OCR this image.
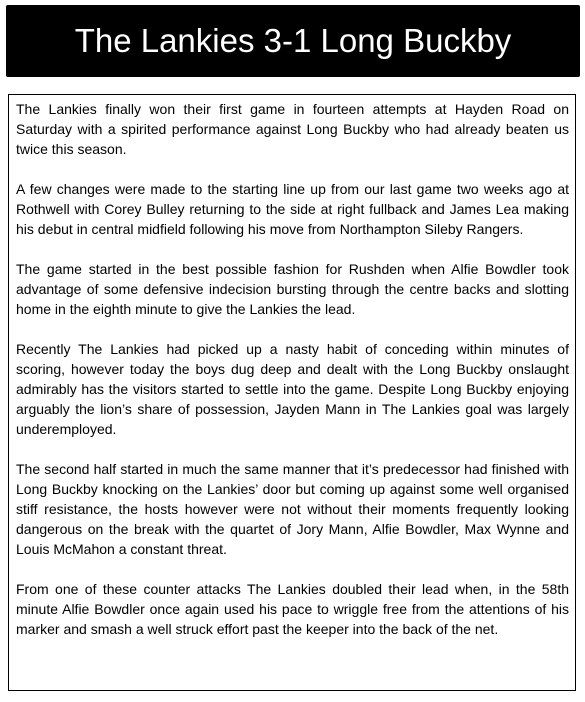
The Lankies 3-1 Long Buckby

The Lankies finally won their first game in fourteen attempts at Hayden Road on Saturday with a spirited performance against Long Buckby who had already beaten us twice this season.

A few changes were made to the starting line up from our last game two weeks ago at Rothwell with Corey Bulley returning to the side at right fullback and James Lea making his debut in central midfield following his move from Northampton Sileby Rangers.

The game started in the best possible fashion for Rushden when Alfie Bowdler took advantage of some defensive indecision bursting through the centre backs and slotting home in the eighth minute to give the Lankies the lead.

Recently The Lankies had picked up a nasty habit of conceding within minutes of scoring, however today the boys dug deep and dealt with the Long Buckby onslaught admirably has the visitors started to settle into the game. Despite Long Buckby enjoying arguably the lion’s share of possession, Jayden Mann in The Lankies goal was largely underemployed.

The second half started in much the same manner that it’s predecessor had finished with Long Buckby knocking on the Lankies’ door but coming up against some well organised stiff resistance, the hosts however were not without their moments frequently looking dangerous on the break with the quartet of Jory Mann, Alfie Bowdler, Max Wynne and Louis McMahon a constant threat.

From one of these counter attacks The Lankies doubled their lead when, in the 58th minute Alfie Bowdler once again used his pace to wriggle free from the attentions of his marker and smash a well struck effort past the keeper into the back of the net.
